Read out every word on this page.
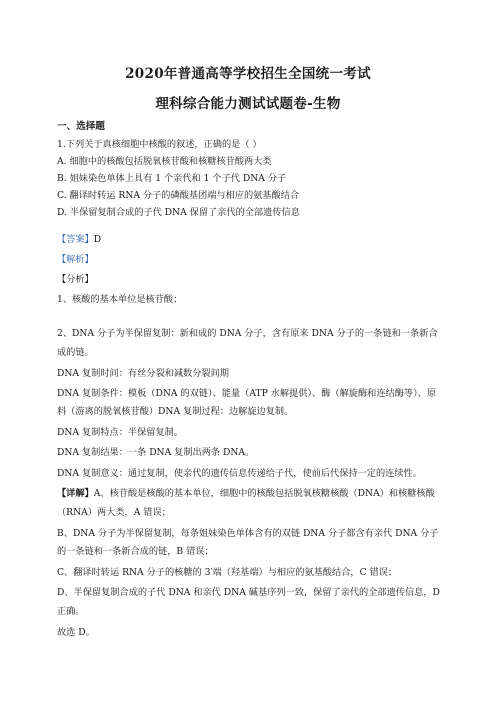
2020年普通高等学校招生全国统一考试
理科综合能力测试试题卷-生物
一、选择题
1.下列关于真核细胞中核酸的叙述，正确的是（ ）
A. 细胞中的核酸包括脱氧核苷酸和核糖核苷酸两大类
B. 姐妹染色单体上具有 1 个亲代和 1 个子代 DNA 分子
C. 翻译时转运 RNA 分子的磷酸基团端与相应的氨基酸结合
D. 半保留复制合成的子代 DNA 保留了亲代的全部遗传信息
【答案】D
【解析】
【分析】
1、核酸的基本单位是核苷酸；
2、DNA 分子为半保留复制：新和成的 DNA 分子，含有原来 DNA 分子的一条链和一条新合
成的链。
DNA 复制时间：有丝分裂和减数分裂间期
DNA 复制条件：模板（DNA 的双链）、能量（ATP 水解提供）、酶（解旋酶和连结酶等）、原
料（游离的脱氧核苷酸）DNA 复制过程：边解旋边复制。
DNA 复制特点：半保留复制。
DNA 复制结果：一条 DNA 复制出两条 DNA。
DNA 复制意义：通过复制，使亲代的遗传信息传递给子代，使前后代保持一定的连续性。
【详解】A、核苷酸是核酸的基本单位，细胞中的核酸包括脱氧核糖核酸（DNA）和核糖核酸
（RNA）两大类，A 错误；
B、DNA 分子为半保留复制，每条姐妹染色单体含有的双链 DNA 分子都含有亲代 DNA 分子
的一条链和一条新合成的链，B 错误；
C、翻译时转运 RNA 分子的核糖的 3′端（羟基端）与相应的氨基酸结合，C 错误；
D、半保留复制合成的子代 DNA 和亲代 DNA 碱基序列一致，保留了亲代的全部遗传信息，D
正确。
故选 D。
